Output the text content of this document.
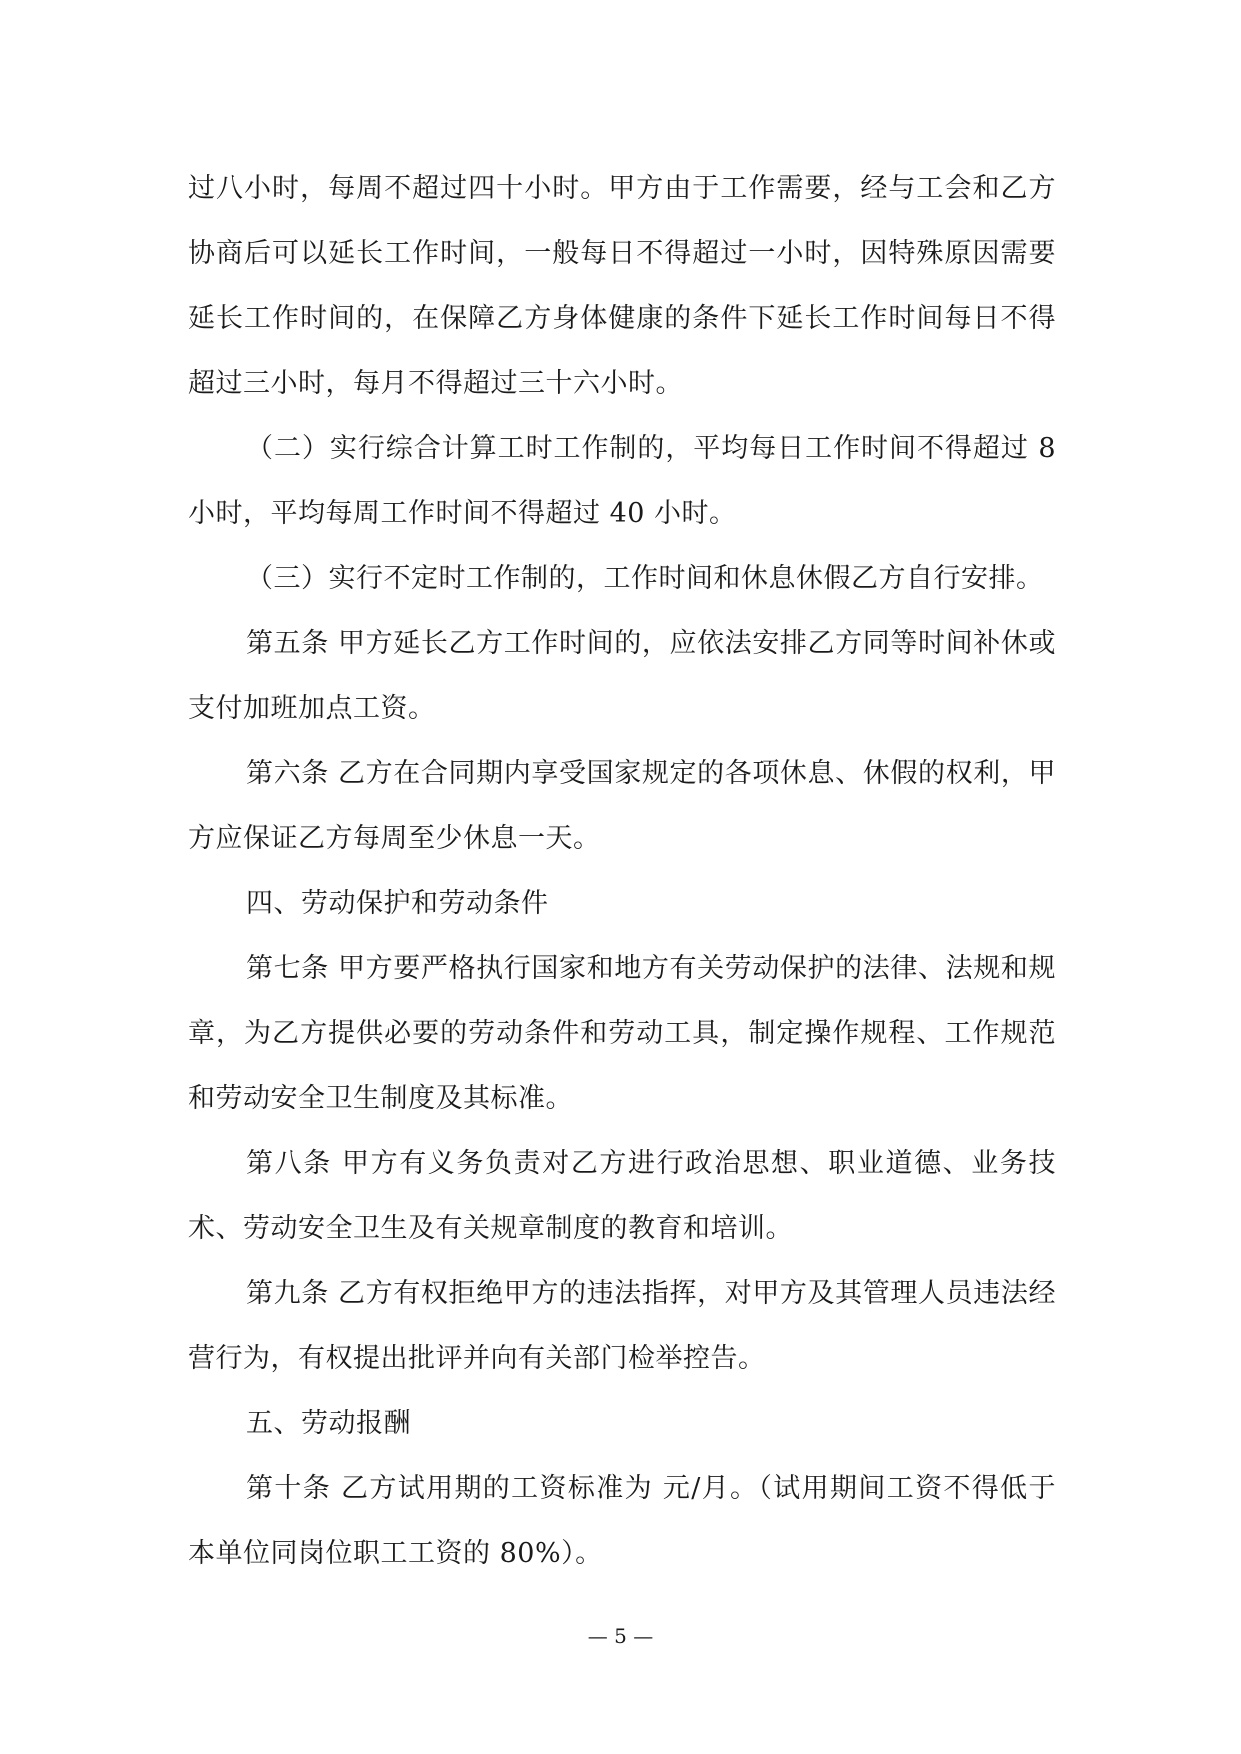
过八小时，每周不超过四十小时。甲方由于工作需要，经与工会和乙方协商后可以延长工作时间，一般每日不得超过一小时，因特殊原因需要延长工作时间的，在保障乙方身体健康的条件下延长工作时间每日不得超过三小时，每月不得超过三十六小时。

（二）实行综合计算工时工作制的，平均每日工作时间不得超过 8 小时，平均每周工作时间不得超过 40 小时。

（三）实行不定时工作制的，工作时间和休息休假乙方自行安排。

第五条 甲方延长乙方工作时间的，应依法安排乙方同等时间补休或支付加班加点工资。

第六条 乙方在合同期内享受国家规定的各项休息、休假的权利，甲方应保证乙方每周至少休息一天。

四、劳动保护和劳动条件

第七条 甲方要严格执行国家和地方有关劳动保护的法律、法规和规章，为乙方提供必要的劳动条件和劳动工具，制定操作规程、工作规范和劳动安全卫生制度及其标准。

第八条 甲方有义务负责对乙方进行政治思想、职业道德、业务技术、劳动安全卫生及有关规章制度的教育和培训。

第九条 乙方有权拒绝甲方的违法指挥，对甲方及其管理人员违法经营行为，有权提出批评并向有关部门检举控告。

五、劳动报酬

第十条 乙方试用期的工资标准为 元/月。（试用期间工资不得低于本单位同岗位职工工资的 80%）。

— 5 —
